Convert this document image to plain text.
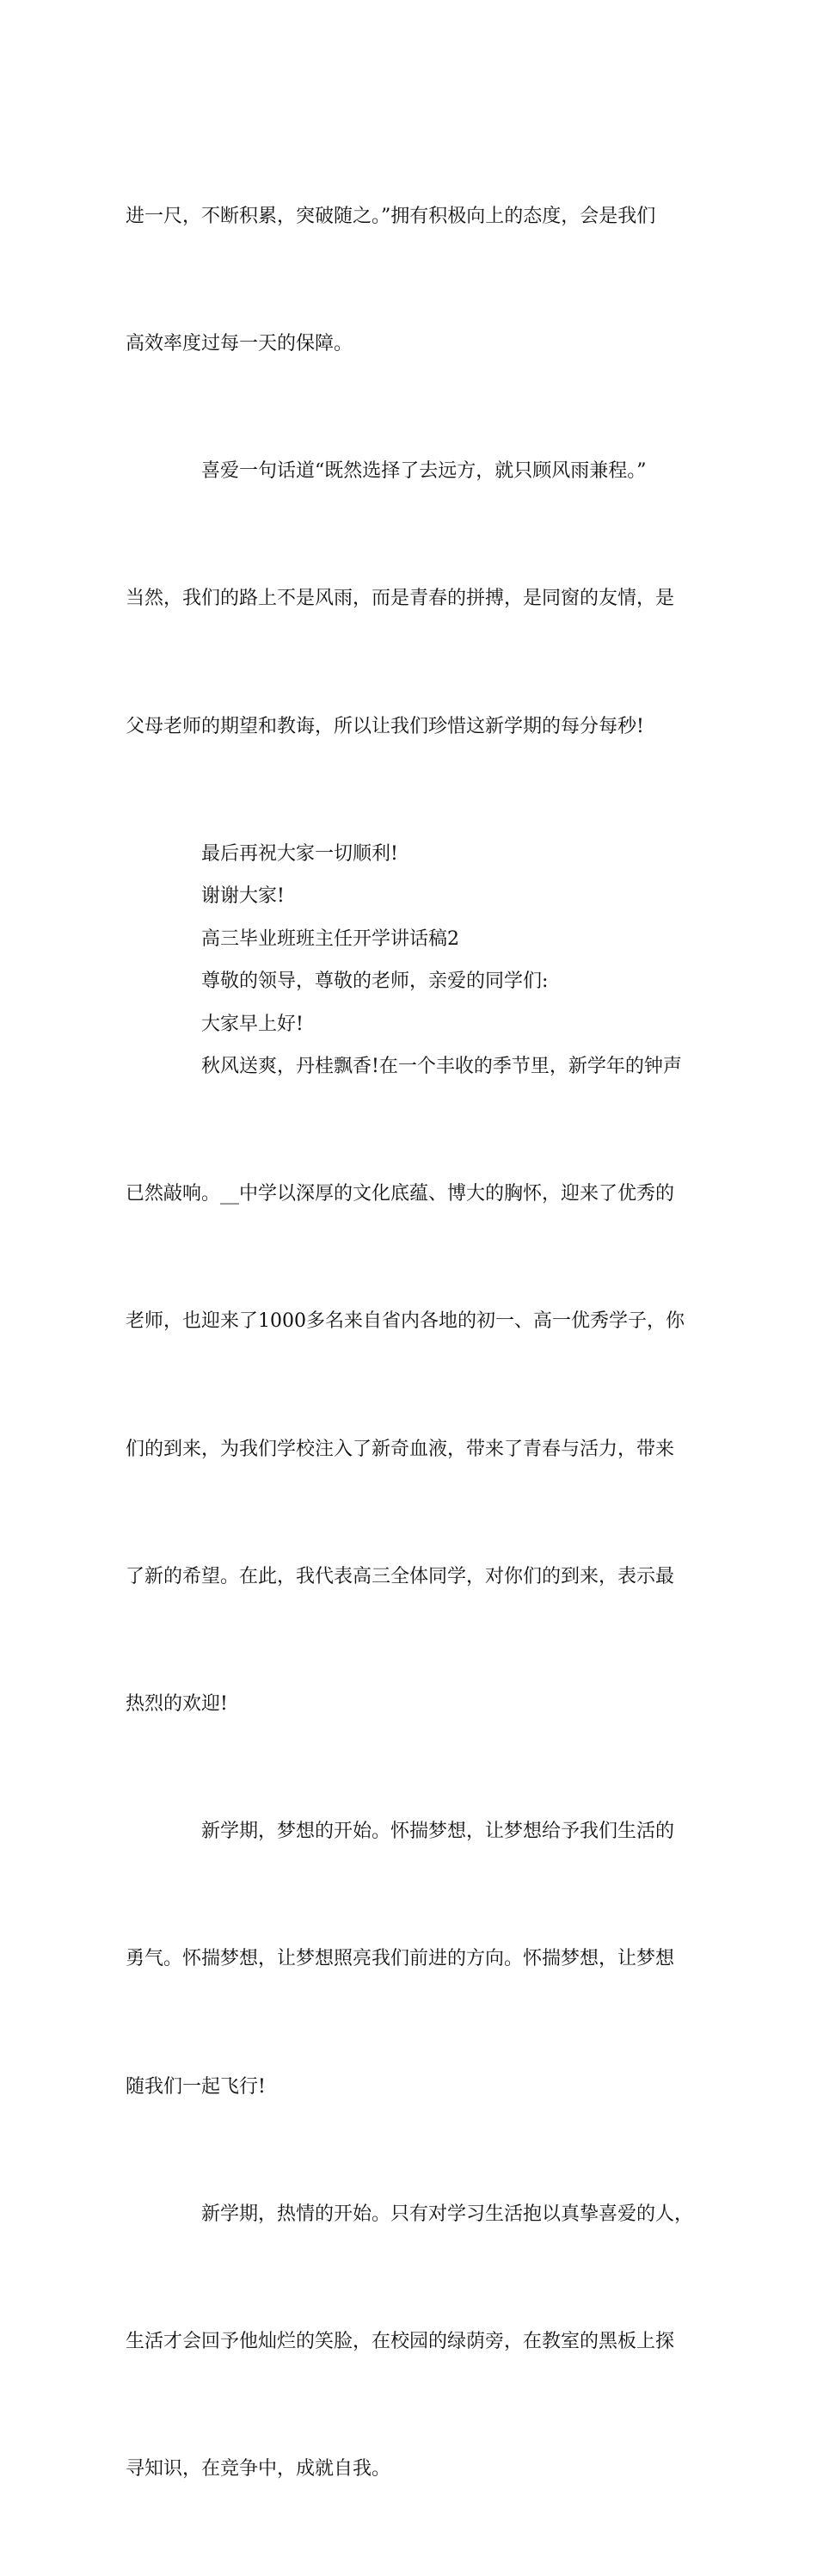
进一尺，不断积累，突破随之。”拥有积极向上的态度，会是我们

高效率度过每一天的保障。

喜爱一句话道“既然选择了去远方，就只顾风雨兼程。”

当然，我们的路上不是风雨，而是青春的拼搏，是同窗的友情，是

父母老师的期望和教诲，所以让我们珍惜这新学期的每分每秒!

最后再祝大家一切顺利!

谢谢大家!

高三毕业班班主任开学讲话稿2

尊敬的领导，尊敬的老师，亲爱的同学们:

大家早上好!

秋风送爽，丹桂飘香!在一个丰收的季节里，新学年的钟声

已然敲响。__中学以深厚的文化底蕴、博大的胸怀，迎来了优秀的

老师，也迎来了1000多名来自省内各地的初一、高一优秀学子，你

们的到来，为我们学校注入了新奇血液，带来了青春与活力，带来

了新的希望。在此，我代表高三全体同学，对你们的到来，表示最

热烈的欢迎!

新学期，梦想的开始。怀揣梦想，让梦想给予我们生活的

勇气。怀揣梦想，让梦想照亮我们前进的方向。怀揣梦想，让梦想

随我们一起飞行!

新学期，热情的开始。只有对学习生活抱以真挚喜爱的人，

生活才会回予他灿烂的笑脸，在校园的绿荫旁，在教室的黑板上探

寻知识，在竞争中，成就自我。
